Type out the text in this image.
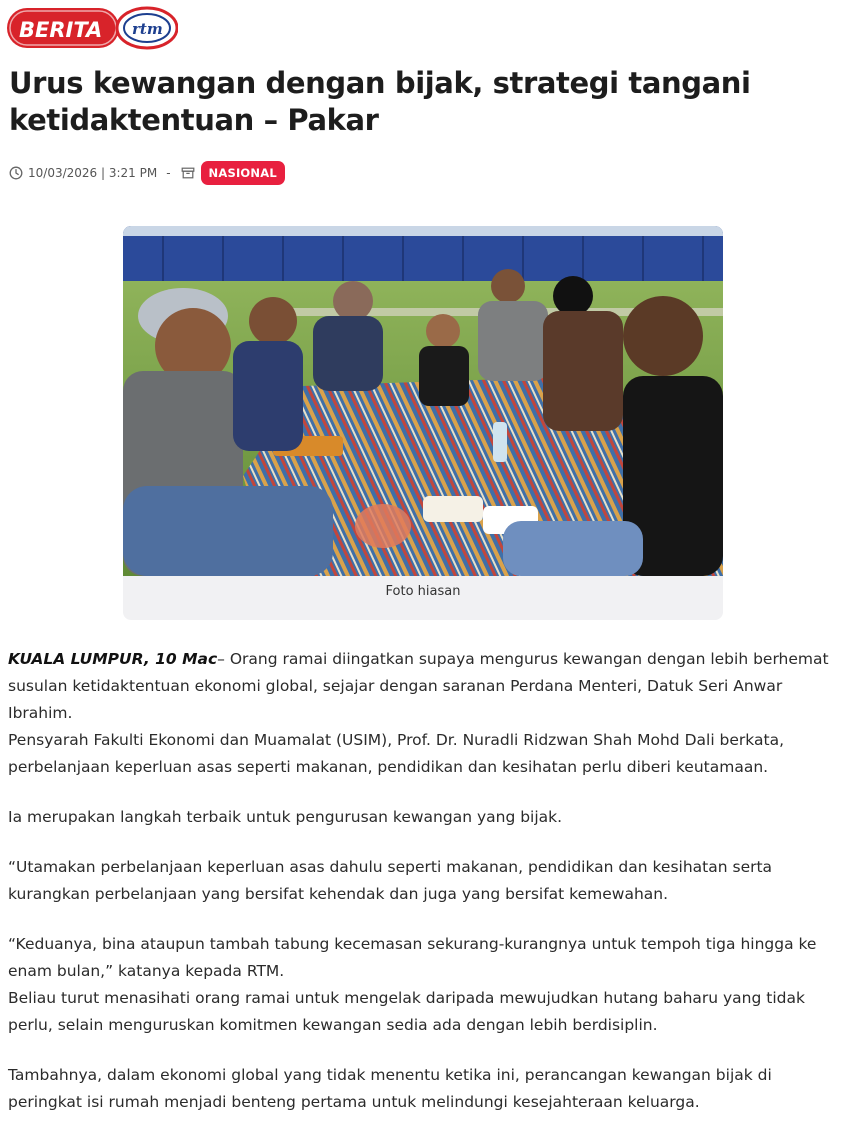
BERITA rtm
Urus kewangan dengan bijak, strategi tangani ketidaktentuan – Pakar
10/03/2026 | 3:21 PM -	NASIONAL
Foto hiasan

KUALA LUMPUR, 10 Mac– Orang ramai diingatkan supaya mengurus kewangan dengan lebih berhemat susulan ketidaktentuan ekonomi global, sejajar dengan saranan Perdana Menteri, Datuk Seri Anwar Ibrahim.

Pensyarah Fakulti Ekonomi dan Muamalat (USIM), Prof. Dr. Nuradli Ridzwan Shah Mohd Dali berkata, perbelanjaan keperluan asas seperti makanan, pendidikan dan kesihatan perlu diberi keutamaan.

Ia merupakan langkah terbaik untuk pengurusan kewangan yang bijak.

“Utamakan perbelanjaan keperluan asas dahulu seperti makanan, pendidikan dan kesihatan serta kurangkan perbelanjaan yang bersifat kehendak dan juga yang bersifat kemewahan.

“Keduanya, bina ataupun tambah tabung kecemasan sekurang-kurangnya untuk tempoh tiga hingga ke enam bulan,” katanya kepada RTM.

Beliau turut menasihati orang ramai untuk mengelak daripada mewujudkan hutang baharu yang tidak perlu, selain menguruskan komitmen kewangan sedia ada dengan lebih berdisiplin.

Tambahnya, dalam ekonomi global yang tidak menentu ketika ini, perancangan kewangan bijak di peringkat isi rumah menjadi benteng pertama untuk melindungi kesejahteraan keluarga.
